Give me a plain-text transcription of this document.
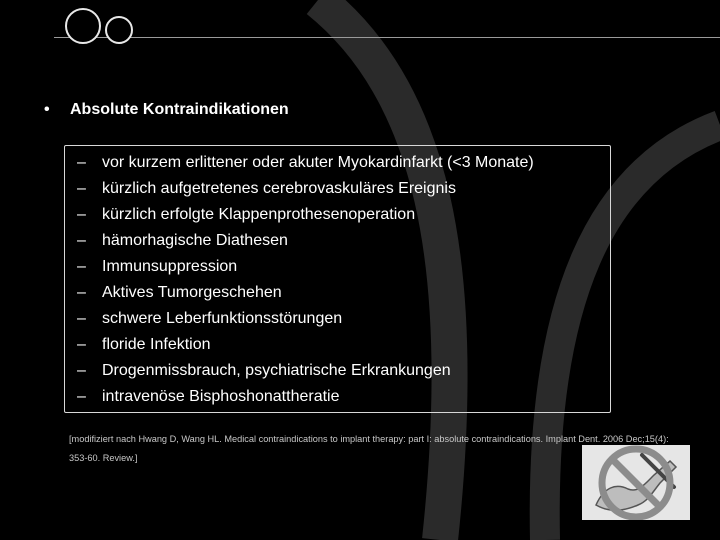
• Absolute Kontraindikationen
– vor kurzem erlittener oder akuter Myokardinfarkt (<3 Monate)
– kürzlich aufgetretenes cerebrovaskuläres Ereignis
– kürzlich erfolgte Klappenprothesenoperation
– hämorhagische Diathesen
– Immunsuppression
– Aktives Tumorgeschehen
– schwere Leberfunktionsstörungen
– floride Infektion
– Drogenmissbrauch, psychiatrische Erkrankungen
– intravenöse Bisphoshonattheratie
[modifiziert nach Hwang D, Wang HL. Medical contraindications to implant therapy: part I: absolute contraindications. Implant Dent. 2006 Dec;15(4):
353-60. Review.]
